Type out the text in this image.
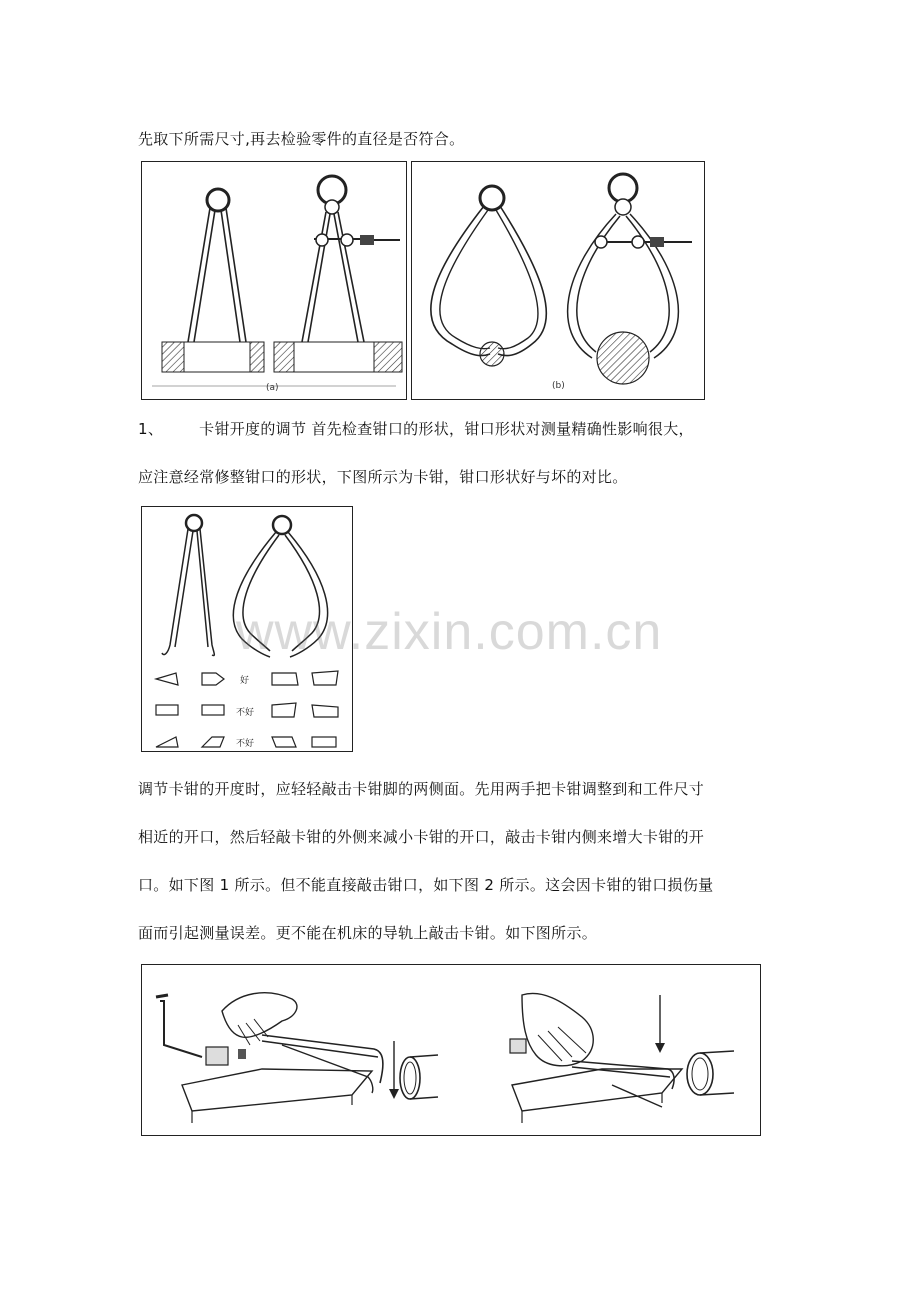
先取下所需尺寸,再去检验零件的直径是否符合。
(a)	(b)
1、 卡钳开度的调节 首先检查钳口的形状，钳口形状对测量精确性影响很大，
应注意经常修整钳口的形状，下图所示为卡钳，钳口形状好与坏的对比。
好
不好
不好
www.zixin.com.cn
调节卡钳的开度时，应轻轻敲击卡钳脚的两侧面。先用两手把卡钳调整到和工件尺寸
相近的开口，然后轻敲卡钳的外侧来减小卡钳的开口，敲击卡钳内侧来增大卡钳的开
口。如下图 1 所示。但不能直接敲击钳口，如下图 2 所示。这会因卡钳的钳口损伤量
面而引起测量误差。更不能在机床的导轨上敲击卡钳。如下图所示。
